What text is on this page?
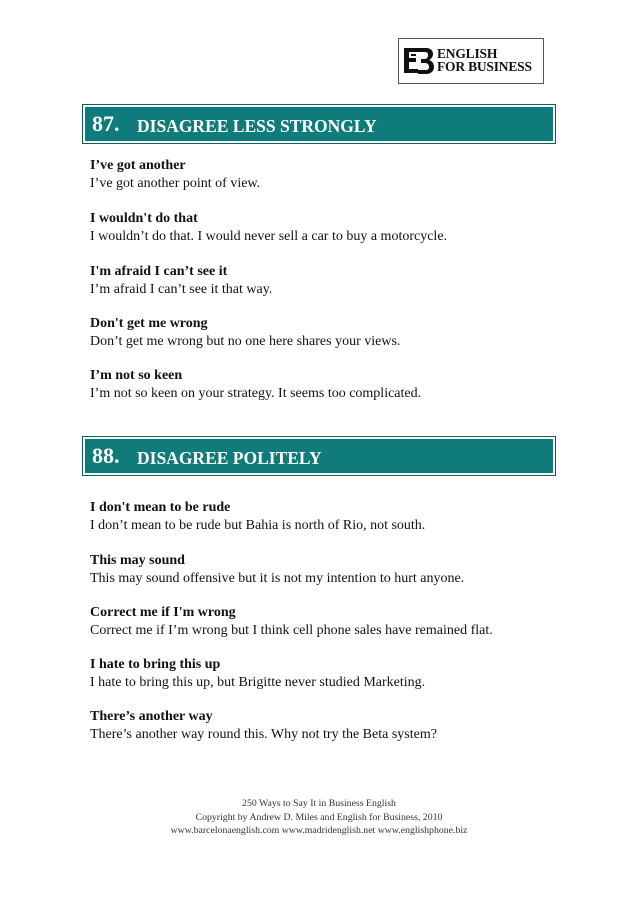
ENGLISH
FOR BUSINESS
87. DISAGREE LESS STRONGLY

I’ve got another

I’ve got another point of view.

I wouldn't do that

I wouldn’t do that. I would never sell a car to buy a motorcycle.

I'm afraid I can’t see it

I’m afraid I can’t see it that way.

Don't get me wrong

Don’t get me wrong but no one here shares your views.

I’m not so keen

I’m not so keen on your strategy. It seems too complicated.

88. DISAGREE POLITELY

I don't mean to be rude

I don’t mean to be rude but Bahia is north of Rio, not south.

This may sound

This may sound offensive but it is not my intention to hurt anyone.

Correct me if I'm wrong

Correct me if I’m wrong but I think cell phone sales have remained flat.

I hate to bring this up

I hate to bring this up, but Brigitte never studied Marketing.

There’s another way

There’s another way round this. Why not try the Beta system?

250 Ways to Say It in Business English
Copyright by Andrew D. Miles and English for Business, 2010
www.barcelonaenglish.com www.madridenglish.net www.englishphone.biz
